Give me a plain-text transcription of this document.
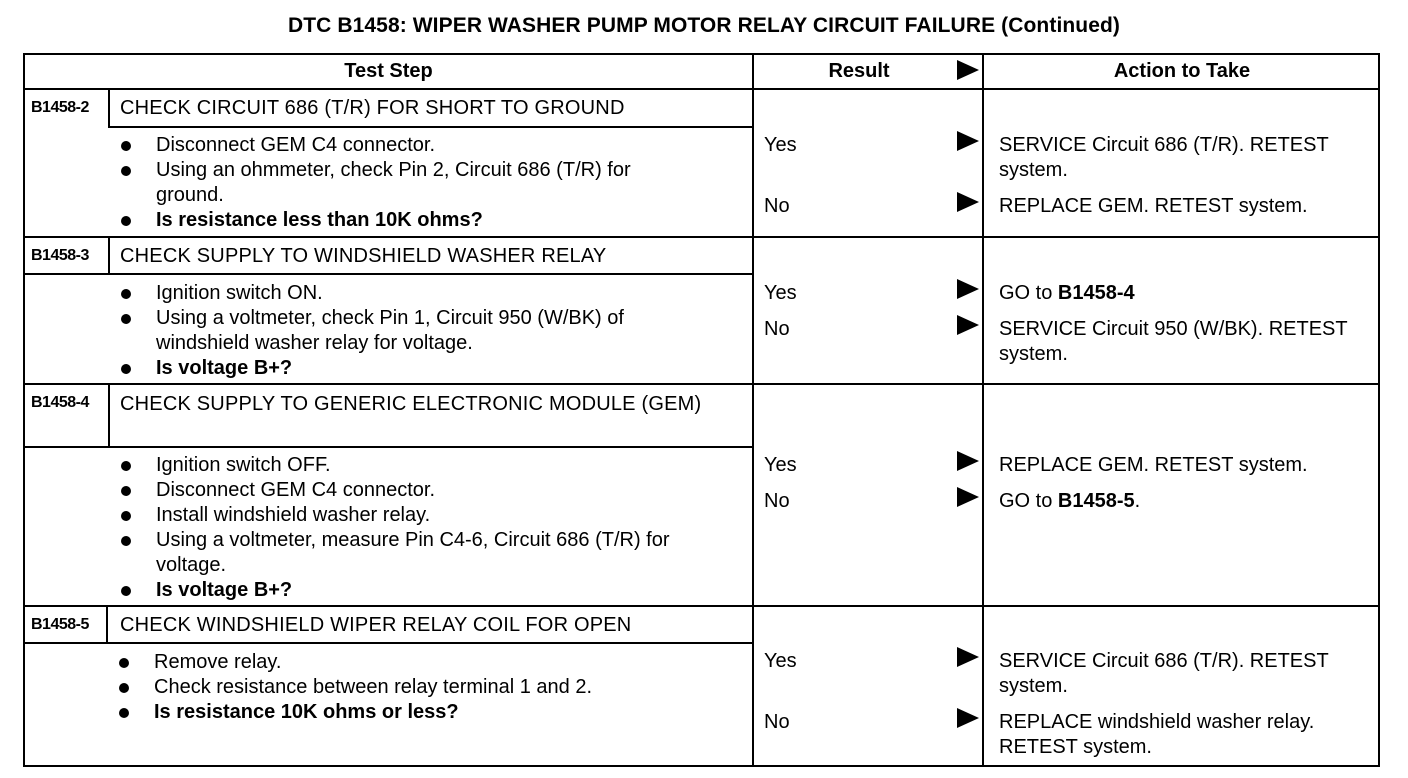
DTC B1458: WIPER WASHER PUMP MOTOR RELAY CIRCUIT FAILURE (Continued)
Test Step	Result	Action to Take
B1458-2 CHECK CIRCUIT 686 (T/R) FOR SHORT TO GROUND
Disconnect GEM C4 connector.
Using an ohmmeter, check Pin 2, Circuit 686 (T/R) for ground.
Is resistance less than 10K ohms?
Yes	SERVICE Circuit 686 (T/R). RETEST system.
No	REPLACE GEM. RETEST system.
B1458-3 CHECK SUPPLY TO WINDSHIELD WASHER RELAY
Ignition switch ON.
Using a voltmeter, check Pin 1, Circuit 950 (W/BK) of windshield washer relay for voltage.
Is voltage B+?
Yes	GO to B1458-4
No	SERVICE Circuit 950 (W/BK). RETEST system.
B1458-4 CHECK SUPPLY TO GENERIC ELECTRONIC MODULE (GEM)
Ignition switch OFF.
Disconnect GEM C4 connector.
Install windshield washer relay.
Using a voltmeter, measure Pin C4-6, Circuit 686 (T/R) for voltage.
Is voltage B+?
Yes	REPLACE GEM. RETEST system.
No	GO to B1458-5.
B1458-5 CHECK WINDSHIELD WIPER RELAY COIL FOR OPEN
Remove relay.
Check resistance between relay terminal 1 and 2.
Is resistance 10K ohms or less?
Yes	SERVICE Circuit 686 (T/R). RETEST system.
No	REPLACE windshield washer relay. RETEST system.
